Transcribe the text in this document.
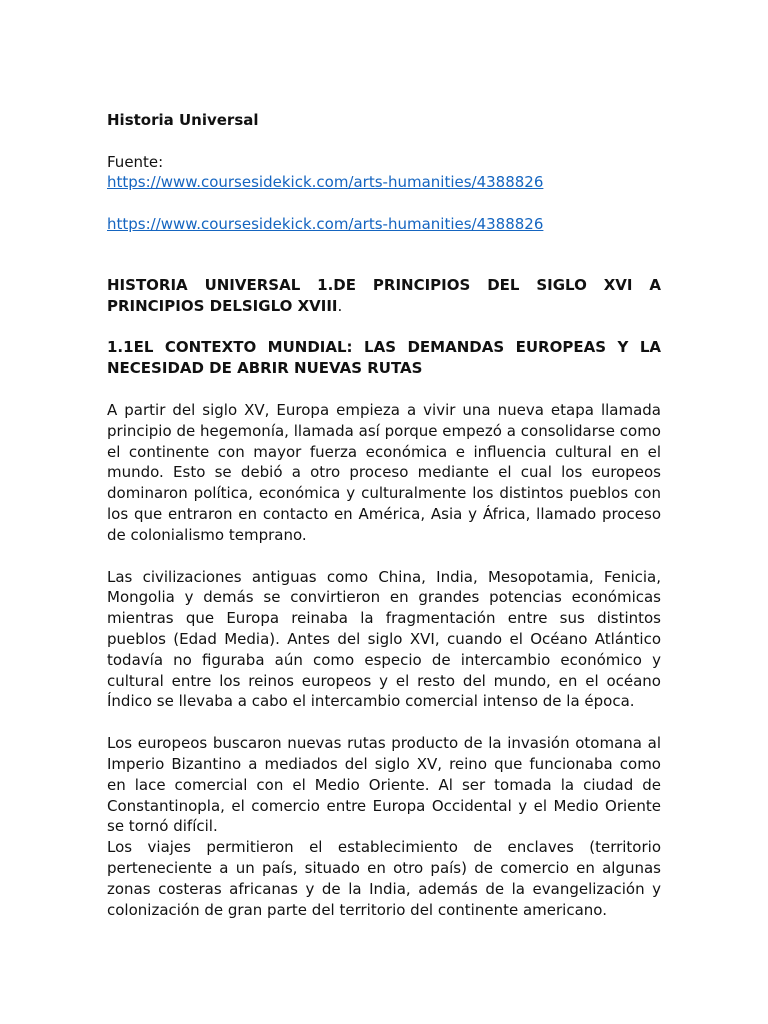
Historia Universal

Fuente:

https://www.coursesidekick.com/arts-humanities/4388826
https://www.coursesidekick.com/arts-humanities/4388826

HISTORIA UNIVERSAL 1.DE PRINCIPIOS DEL SIGLO XVI A PRINCIPIOS DELSIGLO XVIII.

1.1EL CONTEXTO MUNDIAL: LAS DEMANDAS EUROPEAS Y LA NECESIDAD DE ABRIR NUEVAS RUTAS

A partir del siglo XV, Europa empieza a vivir una nueva etapa llamada principio de hegemonía, llamada así porque empezó a consolidarse como el continente con mayor fuerza económica e influencia cultural en el mundo. Esto se debió a otro proceso mediante el cual los europeos dominaron política, económica y culturalmente los distintos pueblos con los que entraron en contacto en América, Asia y África, llamado proceso de colonialismo temprano.

Las civilizaciones antiguas como China, India, Mesopotamia, Fenicia, Mongolia y demás se convirtieron en grandes potencias económicas mientras que Europa reinaba la fragmentación entre sus distintos pueblos (Edad Media). Antes del siglo XVI, cuando el Océano Atlántico todavía no figuraba aún como especio de intercambio económico y cultural entre los reinos europeos y el resto del mundo, en el océano Índico se llevaba a cabo el intercambio comercial intenso de la época.

Los europeos buscaron nuevas rutas producto de la invasión otomana al Imperio Bizantino a mediados del siglo XV, reino que funcionaba como en lace comercial con el Medio Oriente. Al ser tomada la ciudad de Constantinopla, el comercio entre Europa Occidental y el Medio Oriente se tornó difícil.

Los viajes permitieron el establecimiento de enclaves (territorio perteneciente a un país, situado en otro país) de comercio en algunas zonas costeras africanas y de la India, además de la evangelización y colonización de gran parte del territorio del continente americano.
